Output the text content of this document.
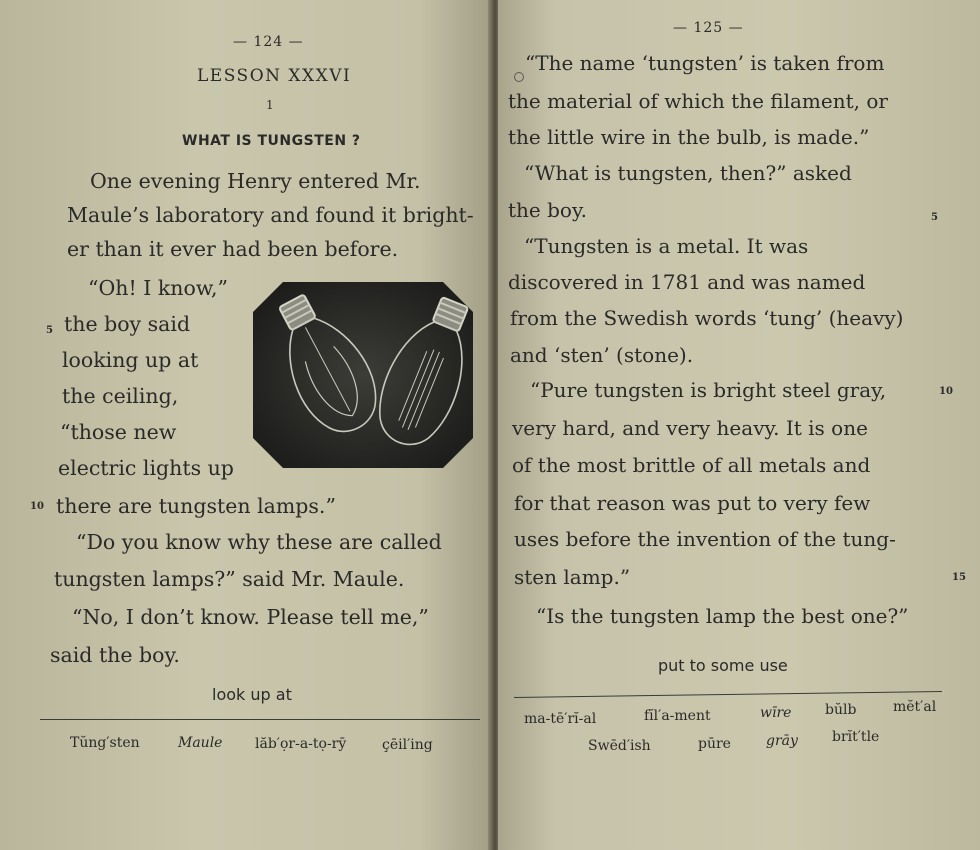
— 124 —
LESSON XXXVI
1
WHAT IS TUNGSTEN ?
One evening Henry entered Mr.
Maule’s laboratory and found it bright-
er than it ever had been before.
“Oh! I know,”
the boy said
looking up at
the ceiling,
“those new
electric lights up
there are tungsten lamps.”
5
10
“Do you know why these are called
tungsten lamps?” said Mr. Maule.
“No, I don’t know. Please tell me,”
said the boy.
look up at
Tŭng′sten	Maule lăb′ọr-a-tọ-rȳ	çēil′ing
— 125 —
“The name ‘tungsten’ is taken from
the material of which the filament, or
the little wire in the bulb, is made.”
“What is tungsten, then?” asked
the boy.
“Tungsten is a metal. It was
discovered in 1781 and was named
from the Swedish words ‘tung’ (heavy)
and ‘sten’ (stone).
“Pure tungsten is bright steel gray,
very hard, and very heavy. It is one
of the most brittle of all metals and
for that reason was put to very few
uses before the invention of the tung-
sten lamp.”
“Is the tungsten lamp the best one?”
5
10
15
put to some use
ma-tē′rĭ-al	fĭl′a-ment	wīre bŭlb	mĕt′al
Swēd′ish	pūre	grāy brĭt′tle
